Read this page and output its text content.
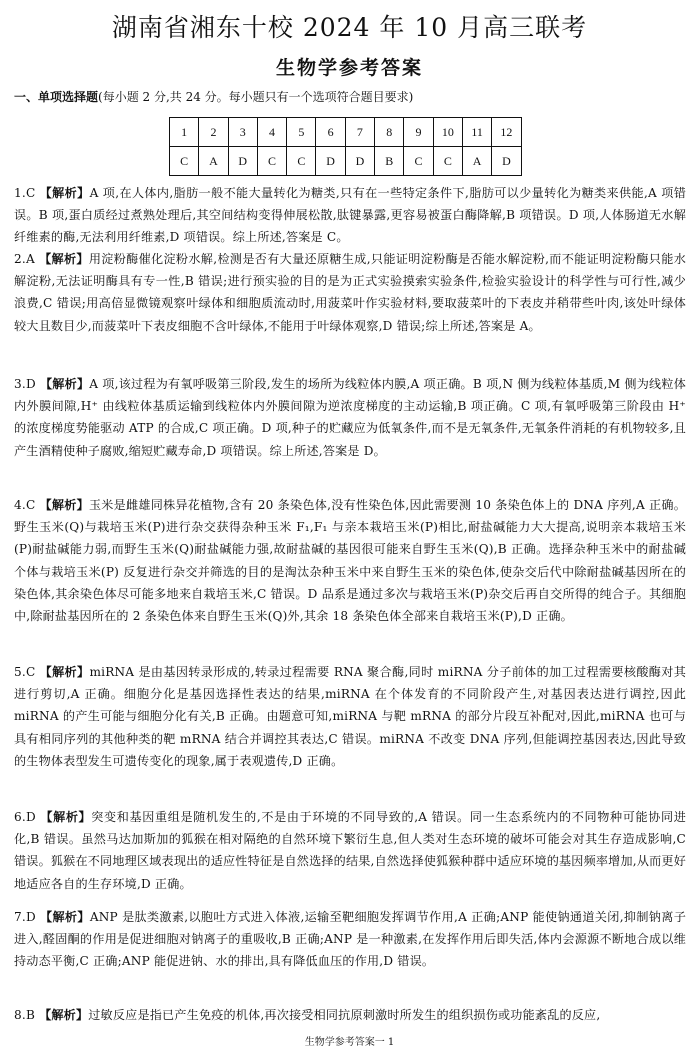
湖南省湘东十校 2024 年 10 月高三联考
生物学参考答案
一、单项选择题(每小题 2 分,共 24 分。每小题只有一个选项符合题目要求)
1	2	3	4	5	6	7	8	9	10	11	12
C	A	D	C	C	D	D	B	C	C	A	D
1.C 【解析】A 项,在人体内,脂肪一般不能大量转化为糖类,只有在一些特定条件下,脂肪可以少量转化为糖类来供能,A 项错误。B 项,蛋白质经过煮熟处理后,其空间结构变得伸展松散,肽键暴露,更容易被蛋白酶降解,B 项错误。D 项,人体肠道无水解纤维素的酶,无法利用纤维素,D 项错误。综上所述,答案是 C。
2.A 【解析】用淀粉酶催化淀粉水解,检测是否有大量还原糖生成,只能证明淀粉酶是否能水解淀粉,而不能证明淀粉酶只能水解淀粉,无法证明酶具有专一性,B 错误;进行预实验的目的是为正式实验摸索实验条件,检验实验设计的科学性与可行性,减少浪费,C 错误;用高倍显微镜观察叶绿体和细胞质流动时,用菠菜叶作实验材料,要取菠菜叶的下表皮并稍带些叶肉,该处叶绿体较大且数目少,而菠菜叶下表皮细胞不含叶绿体,不能用于叶绿体观察,D 错误;综上所述,答案是 A。
3.D 【解析】A 项,该过程为有氧呼吸第三阶段,发生的场所为线粒体内膜,A 项正确。B 项,N 侧为线粒体基质,M 侧为线粒体内外膜间隙,H⁺ 由线粒体基质运输到线粒体内外膜间隙为逆浓度梯度的主动运输,B 项正确。C 项,有氧呼吸第三阶段由 H⁺ 的浓度梯度势能驱动 ATP 的合成,C 项正确。D 项,种子的贮藏应为低氧条件,而不是无氧条件,无氧条件消耗的有机物较多,且产生酒精使种子腐败,缩短贮藏寿命,D 项错误。综上所述,答案是 D。
4.C 【解析】玉米是雌雄同株异花植物,含有 20 条染色体,没有性染色体,因此需要测 10 条染色体上的 DNA 序列,A 正确。野生玉米(Q)与栽培玉米(P)进行杂交获得杂种玉米 F₁,F₁ 与亲本栽培玉米(P)相比,耐盐碱能力大大提高,说明亲本栽培玉米(P)耐盐碱能力弱,而野生玉米(Q)耐盐碱能力强,故耐盐碱的基因很可能来自野生玉米(Q),B 正确。选择杂种玉米中的耐盐碱个体与栽培玉米(P) 反复进行杂交并筛选的目的是淘汰杂种玉米中来自野生玉米的染色体,使杂交后代中除耐盐碱基因所在的染色体,其余染色体尽可能多地来自栽培玉米,C 错误。D 品系是通过多次与栽培玉米(P)杂交后再自交所得的纯合子。其细胞中,除耐盐基因所在的 2 条染色体来自野生玉米(Q)外,其余 18 条染色体全部来自栽培玉米(P),D 正确。
5.C 【解析】miRNA 是由基因转录形成的,转录过程需要 RNA 聚合酶,同时 miRNA 分子前体的加工过程需要核酸酶对其进行剪切,A 正确。细胞分化是基因选择性表达的结果,miRNA 在个体发育的不同阶段产生,对基因表达进行调控,因此 miRNA 的产生可能与细胞分化有关,B 正确。由题意可知,miRNA 与靶 mRNA 的部分片段互补配对,因此,miRNA 也可与具有相同序列的其他种类的靶 mRNA 结合并调控其表达,C 错误。miRNA 不改变 DNA 序列,但能调控基因表达,因此导致的生物体表型发生可遗传变化的现象,属于表观遗传,D 正确。
6.D 【解析】突变和基因重组是随机发生的,不是由于环境的不同导致的,A 错误。同一生态系统内的不同物种可能协同进化,B 错误。虽然马达加斯加的狐猴在相对隔绝的自然环境下繁衍生息,但人类对生态环境的破坏可能会对其生存造成影响,C 错误。狐猴在不同地理区域表现出的适应性特征是自然选择的结果,自然选择使狐猴种群中适应环境的基因频率增加,从而更好地适应各自的生存环境,D 正确。
7.D 【解析】ANP 是肽类激素,以胞吐方式进入体液,运输至靶细胞发挥调节作用,A 正确;ANP 能使钠通道关闭,抑制钠离子进入,醛固酮的作用是促进细胞对钠离子的重吸收,B 正确;ANP 是一种激素,在发挥作用后即失活,体内会源源不断地合成以维持动态平衡,C 正确;ANP 能促进钠、水的排出,具有降低血压的作用,D 错误。
8.B 【解析】过敏反应是指已产生免疫的机体,再次接受相同抗原刺激时所发生的组织损伤或功能紊乱的反应,
生物学参考答案一 1
